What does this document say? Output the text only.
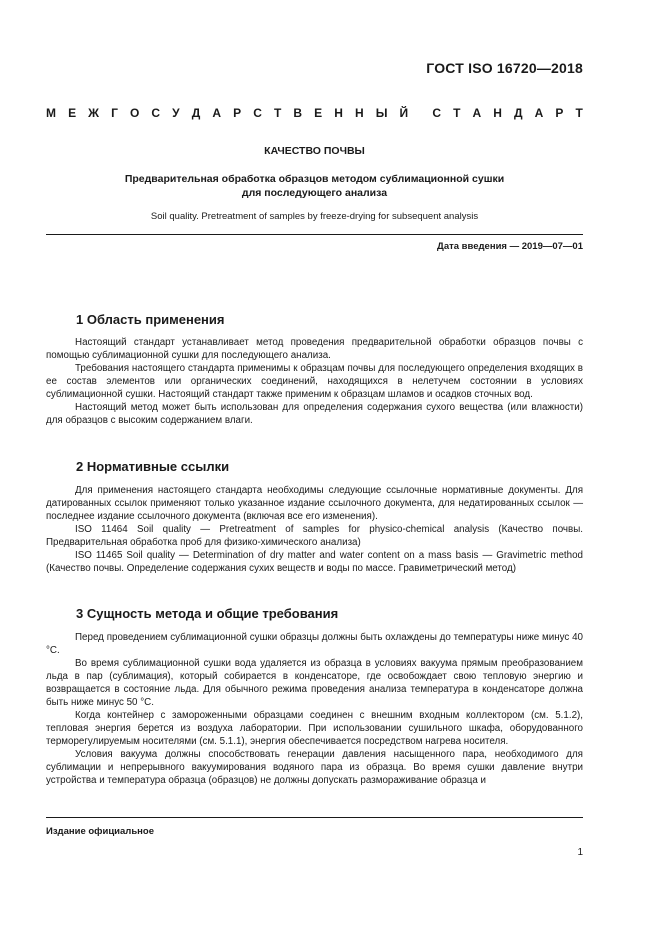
ГОСТ ISO 16720—2018
М Е Ж Г О С У Д А Р С Т В Е Н Н Ы Й С Т А Н Д А Р Т
КАЧЕСТВО ПОЧВЫ
Предварительная обработка образцов методом сублимационной сушки
для последующего анализа
Soil quality. Pretreatment of samples by freeze-drying for subsequent analysis
Дата введения — 2019—07—01
1 Область применения

Настоящий стандарт устанавливает метод проведения предварительной обработки образцов почвы с помощью сублимационной сушки для последующего анализа.

Требования настоящего стандарта применимы к образцам почвы для последующего определения входящих в ее состав элементов или органических соединений, находящихся в нелетучем состоянии в условиях сублимационной сушки. Настоящий стандарт также применим к образцам шламов и осадков сточных вод.

Настоящий метод может быть использован для определения содержания сухого вещества (или влажности) для образцов с высоким содержанием влаги.

2 Нормативные ссылки

Для применения настоящего стандарта необходимы следующие ссылочные нормативные документы. Для датированных ссылок применяют только указанное издание ссылочного документа, для недатированных ссылок — последнее издание ссылочного документа (включая все его изменения).

ISO 11464 Soil quality — Pretreatment of samples for physico-chemical analysis (Качество почвы. Предварительная обработка проб для физико-химического анализа)

ISO 11465 Soil quality — Determination of dry matter and water content on a mass basis — Gravimetric method (Качество почвы. Определение содержания сухих веществ и воды по массе. Гравиметрический метод)

3 Сущность метода и общие требования

Перед проведением сублимационной сушки образцы должны быть охлаждены до температуры ниже минус 40 °С.

Во время сублимационной сушки вода удаляется из образца в условиях вакуума прямым преобразованием льда в пар (сублимация), который собирается в конденсаторе, где освобождает свою тепловую энергию и возвращается в состояние льда. Для обычного режима проведения анализа температура в конденсаторе должна быть ниже минус 50 °С.

Когда контейнер с замороженными образцами соединен с внешним входным коллектором (см. 5.1.2), тепловая энергия берется из воздуха лаборатории. При использовании сушильного шкафа, оборудованного терморегулируемым носителями (см. 5.1.1), энергия обеспечивается посредством нагрева носителя.

Условия вакуума должны способствовать генерации давления насыщенного пара, необходимого для сублимации и непрерывного вакуумирования водяного пара из образца. Во время сушки давление внутри устройства и температура образца (образцов) не должны допускать размораживание образца и

Издание официальное
1
